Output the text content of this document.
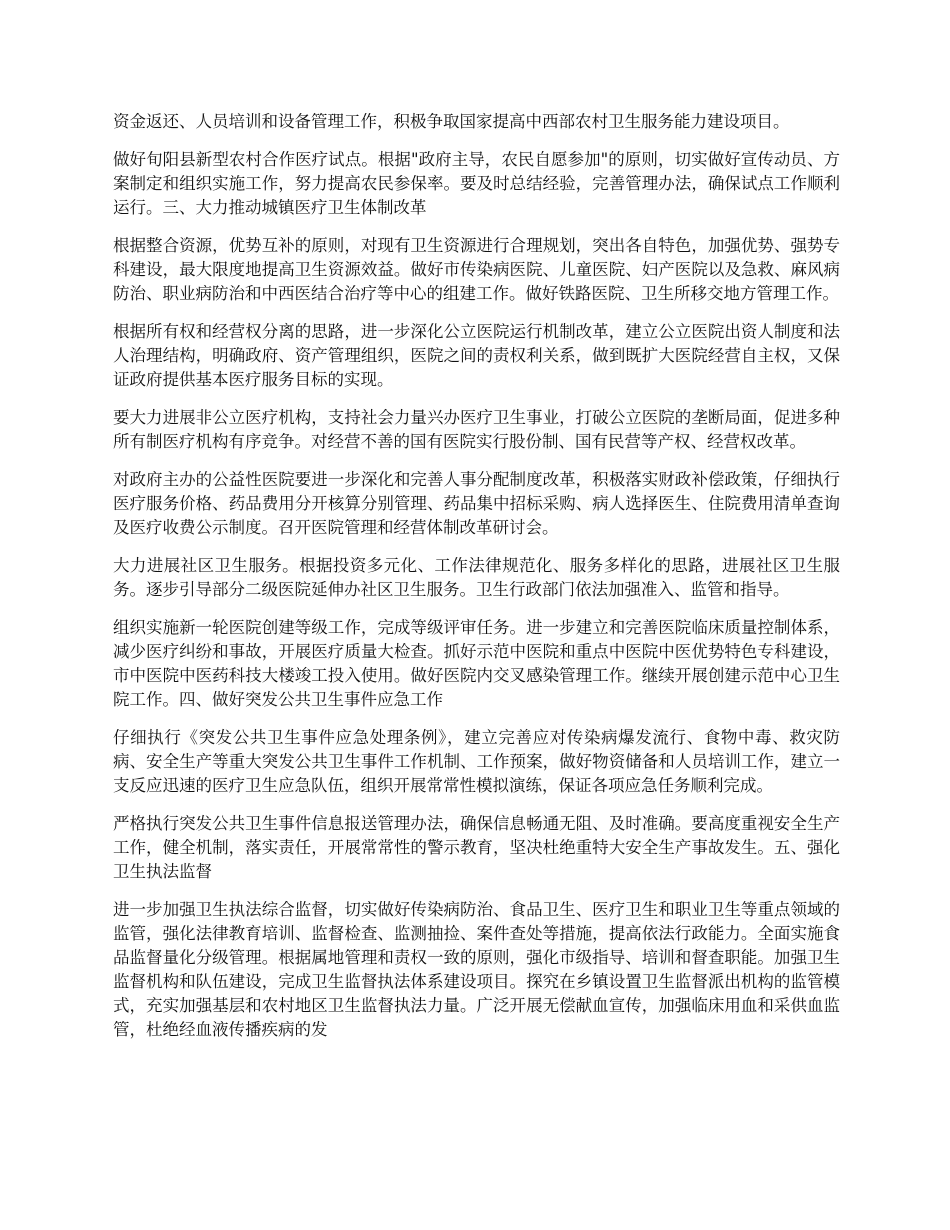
资金返还、人员培训和设备管理工作，积极争取国家提高中西部农村卫生服务能力建设项目。

做好旬阳县新型农村合作医疗试点。根据"政府主导，农民自愿参加"的原则，切实做好宣传动员、方案制定和组织实施工作，努力提高农民参保率。要及时总结经验，完善管理办法，确保试点工作顺利运行。三、大力推动城镇医疗卫生体制改革

根据整合资源，优势互补的原则，对现有卫生资源进行合理规划，突出各自特色，加强优势、强势专科建设，最大限度地提高卫生资源效益。做好市传染病医院、儿童医院、妇产医院以及急救、麻风病防治、职业病防治和中西医结合治疗等中心的组建工作。做好铁路医院、卫生所移交地方管理工作。

根据所有权和经营权分离的思路，进一步深化公立医院运行机制改革，建立公立医院出资人制度和法人治理结构，明确政府、资产管理组织，医院之间的责权利关系，做到既扩大医院经营自主权，又保证政府提供基本医疗服务目标的实现。

要大力进展非公立医疗机构，支持社会力量兴办医疗卫生事业，打破公立医院的垄断局面，促进多种所有制医疗机构有序竞争。对经营不善的国有医院实行股份制、国有民营等产权、经营权改革。

对政府主办的公益性医院要进一步深化和完善人事分配制度改革，积极落实财政补偿政策，仔细执行医疗服务价格、药品费用分开核算分别管理、药品集中招标采购、病人选择医生、住院费用清单查询及医疗收费公示制度。召开医院管理和经营体制改革研讨会。

大力进展社区卫生服务。根据投资多元化、工作法律规范化、服务多样化的思路，进展社区卫生服务。逐步引导部分二级医院延伸办社区卫生服务。卫生行政部门依法加强准入、监管和指导。

组织实施新一轮医院创建等级工作，完成等级评审任务。进一步建立和完善医院临床质量控制体系，减少医疗纠纷和事故，开展医疗质量大检查。抓好示范中医院和重点中医院中医优势特色专科建设，市中医院中医药科技大楼竣工投入使用。做好医院内交叉感染管理工作。继续开展创建示范中心卫生院工作。四、做好突发公共卫生事件应急工作

仔细执行《突发公共卫生事件应急处理条例》，建立完善应对传染病爆发流行、食物中毒、救灾防病、安全生产等重大突发公共卫生事件工作机制、工作预案，做好物资储备和人员培训工作，建立一支反应迅速的医疗卫生应急队伍，组织开展常常性模拟演练，保证各项应急任务顺利完成。

严格执行突发公共卫生事件信息报送管理办法，确保信息畅通无阻、及时准确。要高度重视安全生产工作，健全机制，落实责任，开展常常性的警示教育，坚决杜绝重特大安全生产事故发生。五、强化卫生执法监督

进一步加强卫生执法综合监督，切实做好传染病防治、食品卫生、医疗卫生和职业卫生等重点领域的监管，强化法律教育培训、监督检查、监测抽捡、案件查处等措施，提高依法行政能力。全面实施食品监督量化分级管理。根据属地管理和责权一致的原则，强化市级指导、培训和督查职能。加强卫生监督机构和队伍建设，完成卫生监督执法体系建设项目。探究在乡镇设置卫生监督派出机构的监管模式，充实加强基层和农村地区卫生监督执法力量。广泛开展无偿献血宣传，加强临床用血和采供血监管，杜绝经血液传播疾病的发
